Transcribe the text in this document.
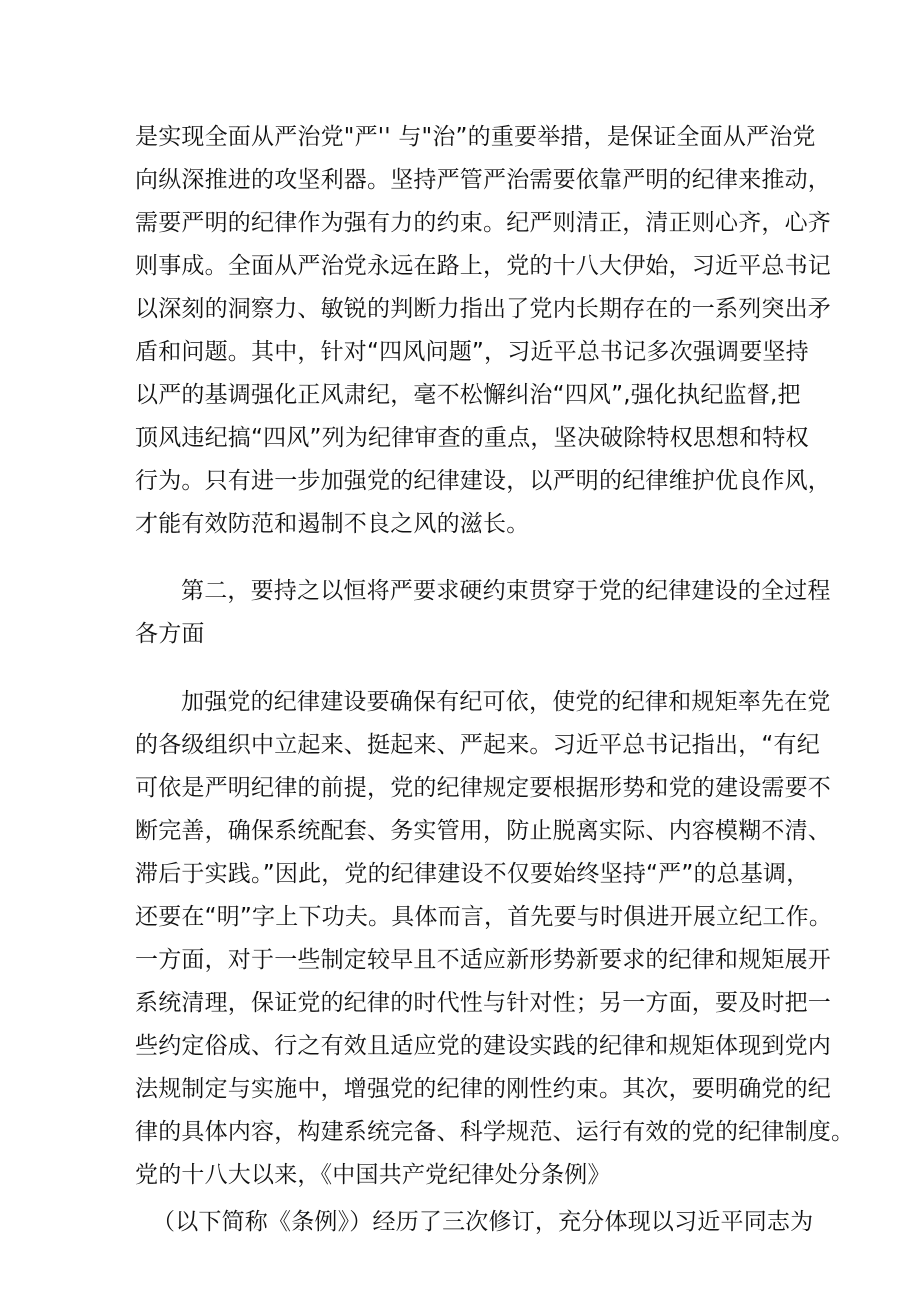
是实现全面从严治党"严'' 与"治”的重要举措，是保证全面从严治党
向纵深推进的攻坚利器。坚持严管严治需要依靠严明的纪律来推动，
需要严明的纪律作为强有力的约束。纪严则清正，清正则心齐，心齐
则事成。全面从严治党永远在路上，党的十八大伊始，习近平总书记
以深刻的洞察力、敏锐的判断力指出了党内长期存在的一系列突出矛
盾和问题。其中，针对“四风问题”，习近平总书记多次强调要坚持
以严的基调强化正风肃纪，毫不松懈纠治“四风”,强化执纪监督,把
顶风违纪搞“四风”列为纪律审查的重点，坚决破除特权思想和特权
行为。只有进一步加强党的纪律建设，以严明的纪律维护优良作风，
才能有效防范和遏制不良之风的滋长。
第二，要持之以恒将严要求硬约束贯穿于党的纪律建设的全过程
各方面
加强党的纪律建设要确保有纪可依，使党的纪律和规矩率先在党
的各级组织中立起来、挺起来、严起来。习近平总书记指出，“有纪
可依是严明纪律的前提，党的纪律规定要根据形势和党的建设需要不
断完善，确保系统配套、务实管用，防止脱离实际、内容模糊不清、
滞后于实践。”因此，党的纪律建设不仅要始终坚持“严”的总基调，
还要在“明”字上下功夫。具体而言，首先要与时俱进开展立纪工作。
一方面，对于一些制定较早且不适应新形势新要求的纪律和规矩展开
系统清理，保证党的纪律的时代性与针对性；另一方面，要及时把一
些约定俗成、行之有效且适应党的建设实践的纪律和规矩体现到党内
法规制定与实施中，增强党的纪律的刚性约束。其次，要明确党的纪
律的具体内容，构建系统完备、科学规范、运行有效的党的纪律制度。
党的十八大以来，《中国共产党纪律处分条例》
（以下简称《条例》）经历了三次修订，充分体现以习近平同志为
